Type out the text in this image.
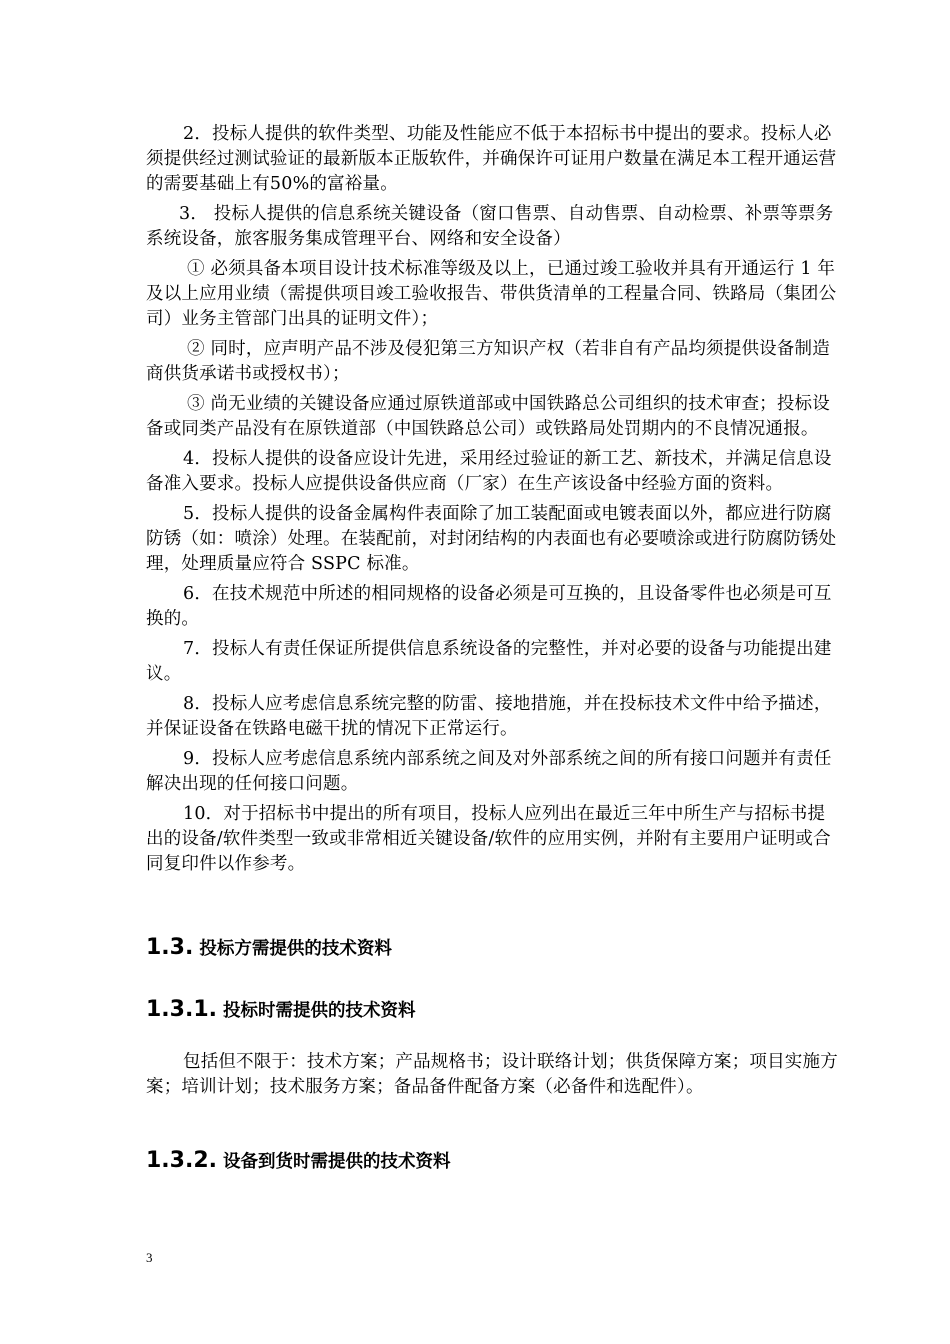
2．投标人提供的软件类型、功能及性能应不低于本招标书中提出的要求。投标人必须提供经过测试验证的最新版本正版软件，并确保许可证用户数量在满足本工程开通运营的需要基础上有50%的富裕量。

3． 投标人提供的信息系统关键设备（窗口售票、自动售票、自动检票、补票等票务系统设备，旅客服务集成管理平台、网络和安全设备）

① 必须具备本项目设计技术标准等级及以上，已通过竣工验收并具有开通运行 1 年及以上应用业绩（需提供项目竣工验收报告、带供货清单的工程量合同、铁路局（集团公司）业务主管部门出具的证明文件）；

② 同时，应声明产品不涉及侵犯第三方知识产权（若非自有产品均须提供设备制造商供货承诺书或授权书）；

③ 尚无业绩的关键设备应通过原铁道部或中国铁路总公司组织的技术审查；投标设备或同类产品没有在原铁道部（中国铁路总公司）或铁路局处罚期内的不良情况通报。

4．投标人提供的设备应设计先进，采用经过验证的新工艺、新技术，并满足信息设备准入要求。投标人应提供设备供应商（厂家）在生产该设备中经验方面的资料。

5．投标人提供的设备金属构件表面除了加工装配面或电镀表面以外，都应进行防腐防锈（如：喷涂）处理。在装配前，对封闭结构的内表面也有必要喷涂或进行防腐防锈处理，处理质量应符合 SSPC 标准。

6．在技术规范中所述的相同规格的设备必须是可互换的，且设备零件也必须是可互换的。

7．投标人有责任保证所提供信息系统设备的完整性，并对必要的设备与功能提出建议。

8．投标人应考虑信息系统完整的防雷、接地措施，并在投标技术文件中给予描述，并保证设备在铁路电磁干扰的情况下正常运行。

9．投标人应考虑信息系统内部系统之间及对外部系统之间的所有接口问题并有责任解决出现的任何接口问题。

10．对于招标书中提出的所有项目，投标人应列出在最近三年中所生产与招标书提出的设备/软件类型一致或非常相近关键设备/软件的应用实例，并附有主要用户证明或合同复印件以作参考。

1.3. 投标方需提供的技术资料
1.3.1. 投标时需提供的技术资料

包括但不限于：技术方案；产品规格书；设计联络计划；供货保障方案；项目实施方案；培训计划；技术服务方案；备品备件配备方案（必备件和选配件）。

1.3.2. 设备到货时需提供的技术资料
3
